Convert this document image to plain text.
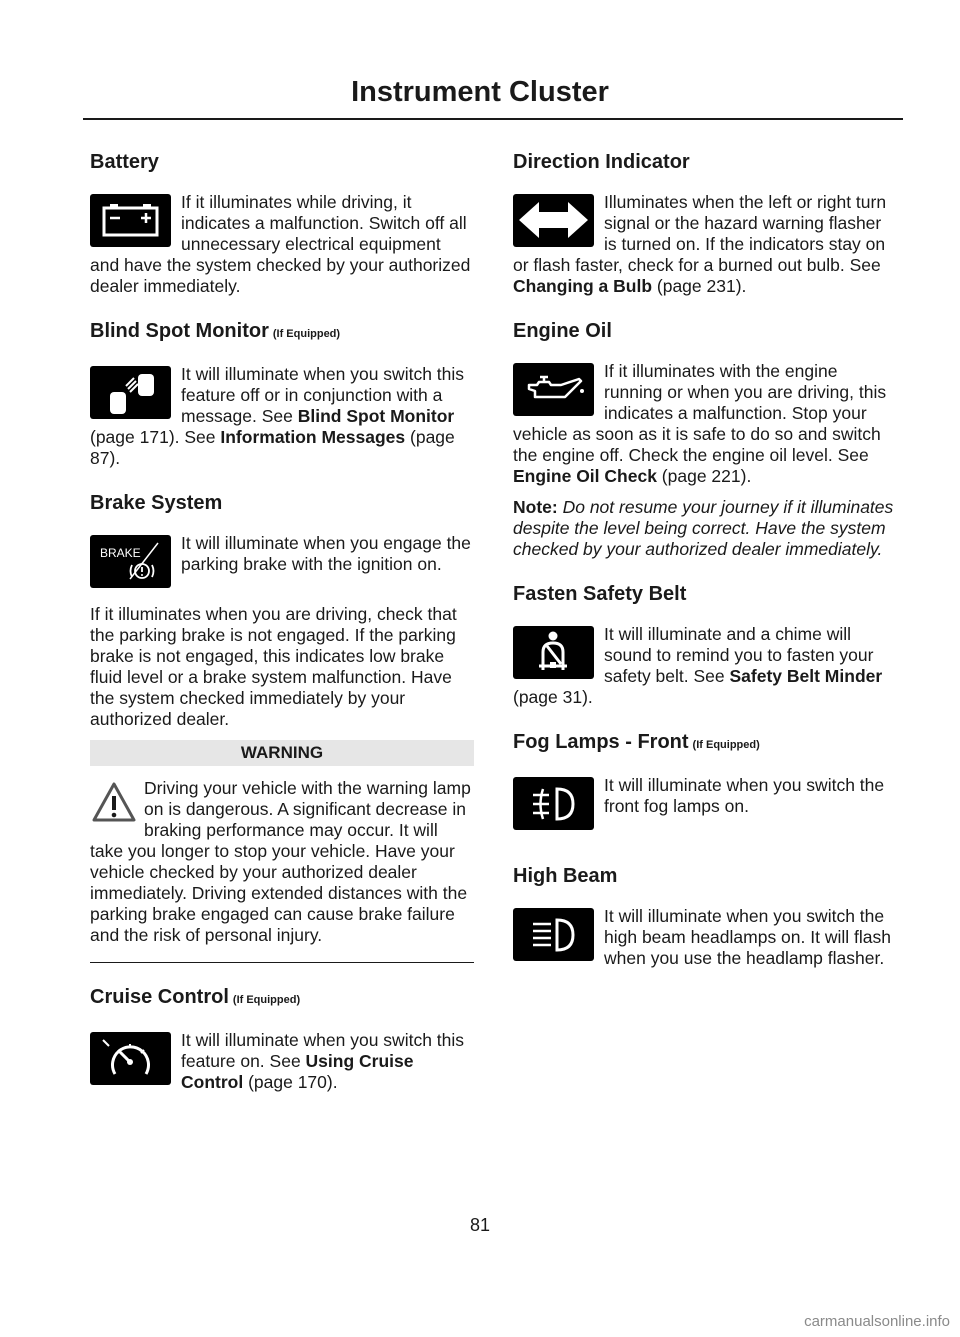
Instrument Cluster
Battery

If it illuminates while driving, it indicates a malfunction. Switch off all unnecessary electrical equipment and have the system checked by your authorized dealer immediately.

Blind Spot Monitor (If Equipped)

It will illuminate when you switch this feature off or in conjunction with a message. See Blind Spot Monitor (page 171). See Information Messages (page 87).

Brake System
BRAKE	It will illuminate when you engage the parking brake with the ignition on.

If it illuminates when you are driving, check that the parking brake is not engaged. If the parking brake is not engaged, this indicates low brake fluid level or a brake system malfunction. Have the system checked immediately by your authorized dealer.

WARNING

Driving your vehicle with the warning lamp on is dangerous. A significant decrease in braking performance may occur. It will take you longer to stop your vehicle. Have your vehicle checked by your authorized dealer immediately. Driving extended distances with the parking brake engaged can cause brake failure and the risk of personal injury.

Cruise Control (If Equipped)

It will illuminate when you switch this feature on. See Using Cruise Control (page 170).

Direction Indicator

Illuminates when the left or right turn signal or the hazard warning flasher is turned on. If the indicators stay on or flash faster, check for a burned out bulb. See Changing a Bulb (page 231).

Engine Oil

If it illuminates with the engine running or when you are driving, this indicates a malfunction. Stop your vehicle as soon as it is safe to do so and switch the engine off. Check the engine oil level. See Engine Oil Check (page 221).

Note: Do not resume your journey if it illuminates despite the level being correct. Have the system checked by your authorized dealer immediately.

Fasten Safety Belt

It will illuminate and a chime will sound to remind you to fasten your safety belt. See Safety Belt Minder (page 31).

Fog Lamps - Front (If Equipped)

It will illuminate when you switch the front fog lamps on.

High Beam

It will illuminate when you switch the high beam headlamps on. It will flash when you use the headlamp flasher.

81
carmanualsonline.info
